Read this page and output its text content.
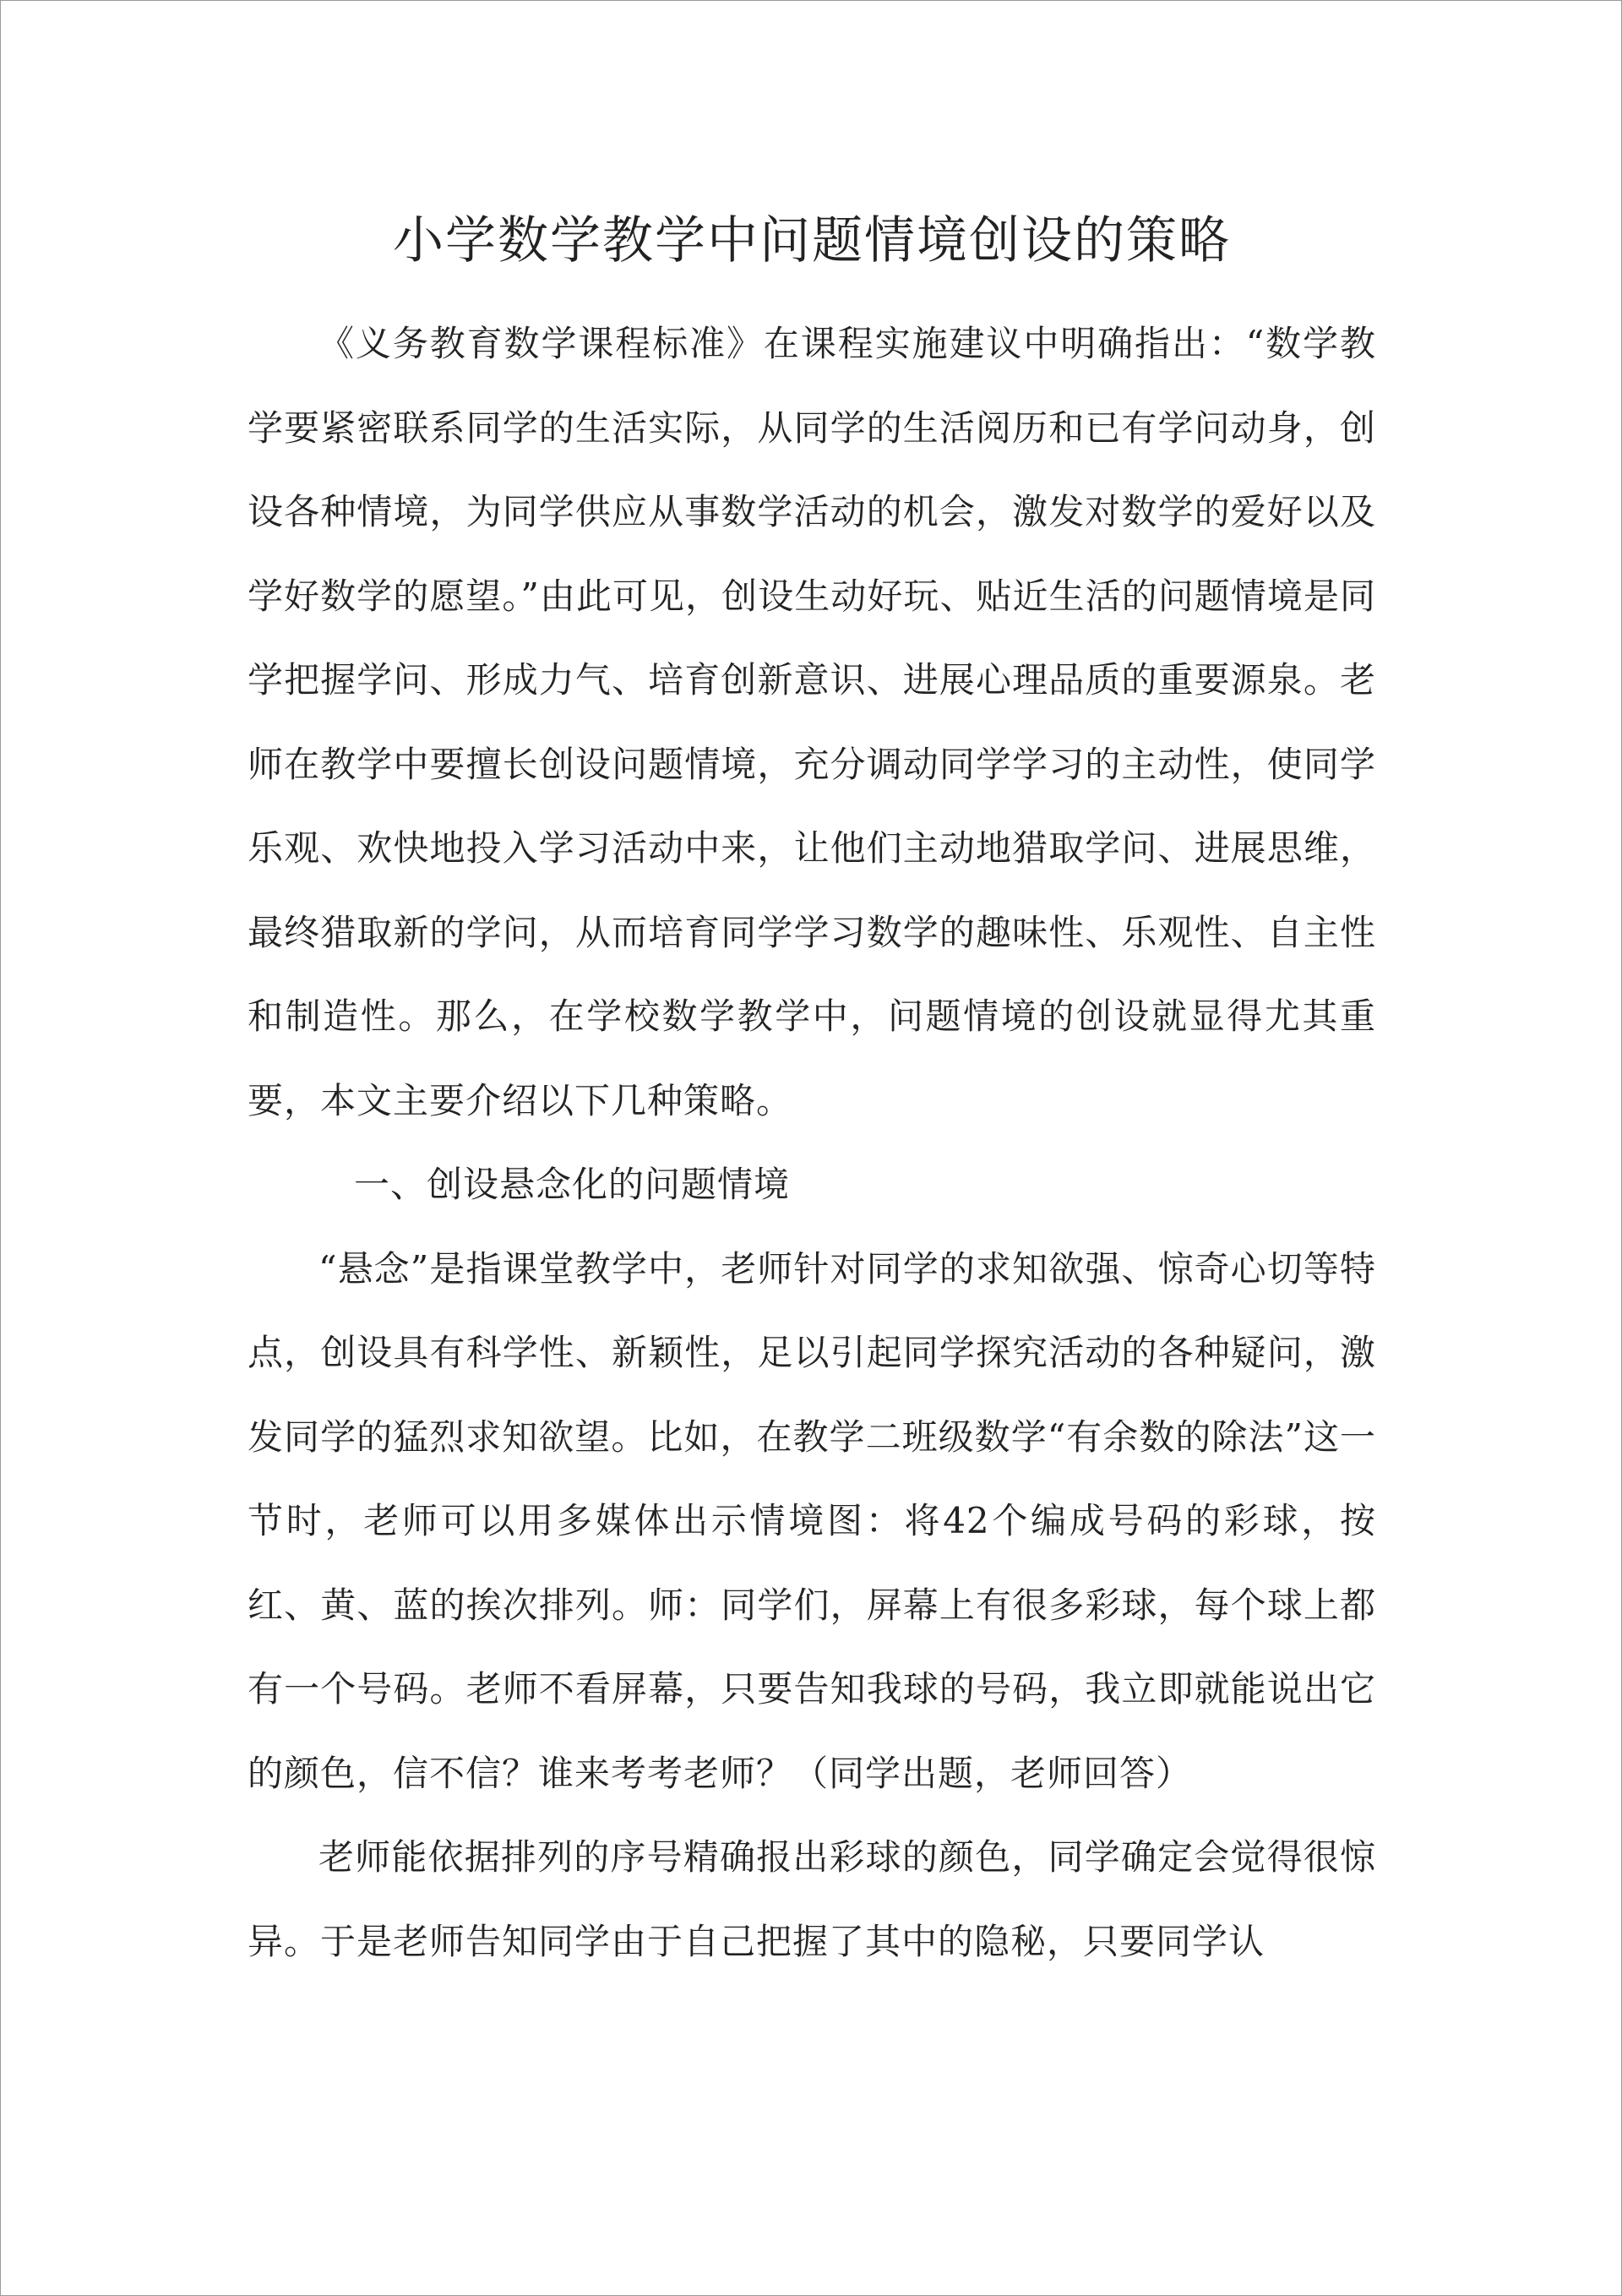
小学数学教学中问题情境创设的策略

《义务教育数学课程标准》在课程实施建议中明确指出：“数学教学要紧密联系同学的生活实际，从同学的生活阅历和已有学问动身，创设各种情境，为同学供应从事数学活动的机会，激发对数学的爱好以及学好数学的愿望。”由此可见，创设生动好玩、贴近生活的问题情境是同学把握学问、形成力气、培育创新意识、进展心理品质的重要源泉。老师在教学中要擅长创设问题情境，充分调动同学学习的主动性，使同学乐观、欢快地投入学习活动中来，让他们主动地猎取学问、进展思维，最终猎取新的学问，从而培育同学学习数学的趣味性、乐观性、自主性和制造性。那么，在学校数学教学中，问题情境的创设就显得尤其重要，本文主要介绍以下几种策略。

一、创设悬念化的问题情境

“悬念”是指课堂教学中，老师针对同学的求知欲强、惊奇心切等特点，创设具有科学性、新颖性，足以引起同学探究活动的各种疑问，激发同学的猛烈求知欲望。比如，在教学二班级数学“有余数的除法”这一节时，老师可以用多媒体出示情境图：将42个编成号码的彩球，按红、黄、蓝的挨次排列。师：同学们，屏幕上有很多彩球，每个球上都有一个号码。老师不看屏幕，只要告知我球的号码，我立即就能说出它的颜色，信不信？谁来考考老师？（同学出题，老师回答）

老师能依据排列的序号精确报出彩球的颜色，同学确定会觉得很惊异。于是老师告知同学由于自己把握了其中的隐秘，只要同学认
